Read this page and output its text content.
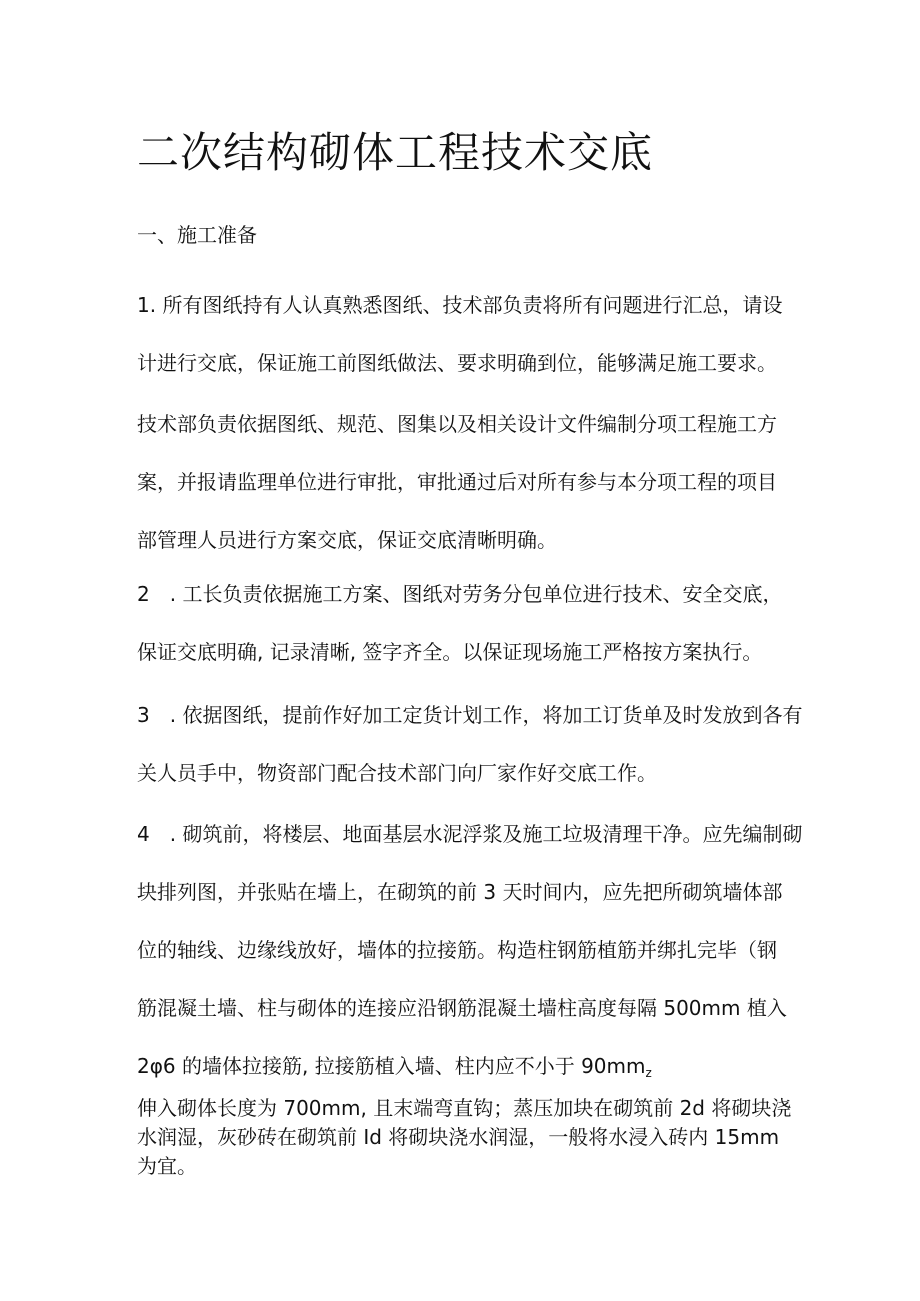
二次结构砌体工程技术交底
一、施工准备

1. 所有图纸持有人认真熟悉图纸、技术部负责将所有问题进行汇总，请设
计进行交底，保证施工前图纸做法、要求明确到位，能够满足施工要求。

技术部负责依据图纸、规范、图集以及相关设计文件编制分项工程施工方
案，并报请监理单位进行审批，审批通过后对所有参与本分项工程的项目
部管理人员进行方案交底，保证交底清晰明确。

2　. 工长负责依据施工方案、图纸对劳务分包单位进行技术、安全交底，
保证交底明确, 记录清晰, 签字齐全。以保证现场施工严格按方案执行。

3　. 依据图纸，提前作好加工定货计划工作，将加工订货单及时发放到各有
关人员手中，物资部门配合技术部门向厂家作好交底工作。

4　. 砌筑前，将楼层、地面基层水泥浮浆及施工垃圾清理干净。应先编制砌
块排列图，并张贴在墙上，在砌筑的前 3 天时间内，应先把所砌筑墙体部
位的轴线、边缘线放好，墙体的拉接筋。构造柱钢筋植筋并绑扎完毕（钢
筋混凝土墙、柱与砌体的连接应沿钢筋混凝土墙柱高度每隔 500mm 植入
2φ6 的墙体拉接筋, 拉接筋植入墙、柱内应不小于 $90mm_z$

伸入砌体长度为 700mm, 且末端弯直钩；蒸压加块在砌筑前 2d 将砌块浇
水润湿，灰砂砖在砌筑前 Id 将砌块浇水润湿，一般将水浸入砖内 15mm
为宜。
